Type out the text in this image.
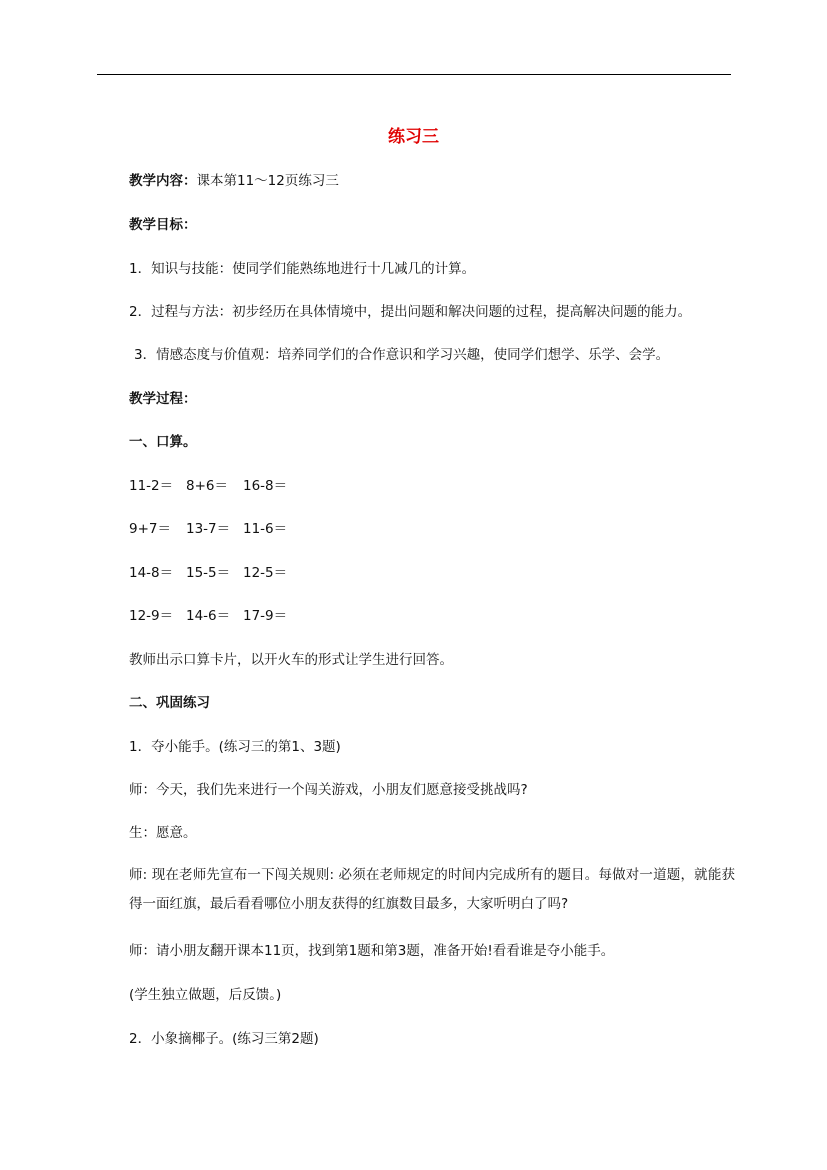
练习三
教学内容：课本第11～12页练习三
教学目标：
1．知识与技能：使同学们能熟练地进行十几减几的计算。
2．过程与方法：初步经历在具体情境中，提出问题和解决问题的过程，提高解决问题的能力。
3．情感态度与价值观：培养同学们的合作意识和学习兴趣，使同学们想学、乐学、会学。
教学过程：
一、口算。
11-2＝ 8+6＝ 16-8＝
9+7＝ 13-7＝ 11-6＝
14-8＝ 15-5＝ 12-5＝
12-9＝ 14-6＝ 17-9＝
教师出示口算卡片，以开火车的形式让学生进行回答。
二、巩固练习
1．夺小能手。(练习三的第1、3题)
师：今天，我们先来进行一个闯关游戏，小朋友们愿意接受挑战吗?
生：愿意。
师: 现在老师先宣布一下闯关规则: 必须在老师规定的时间内完成所有的题目。每做对一道题，就能获得一面红旗，最后看看哪位小朋友获得的红旗数目最多，大家听明白了吗?
师：请小朋友翻开课本11页，找到第1题和第3题，准备开始!看看谁是夺小能手。
(学生独立做题，后反馈。)
2．小象摘椰子。(练习三第2题)
